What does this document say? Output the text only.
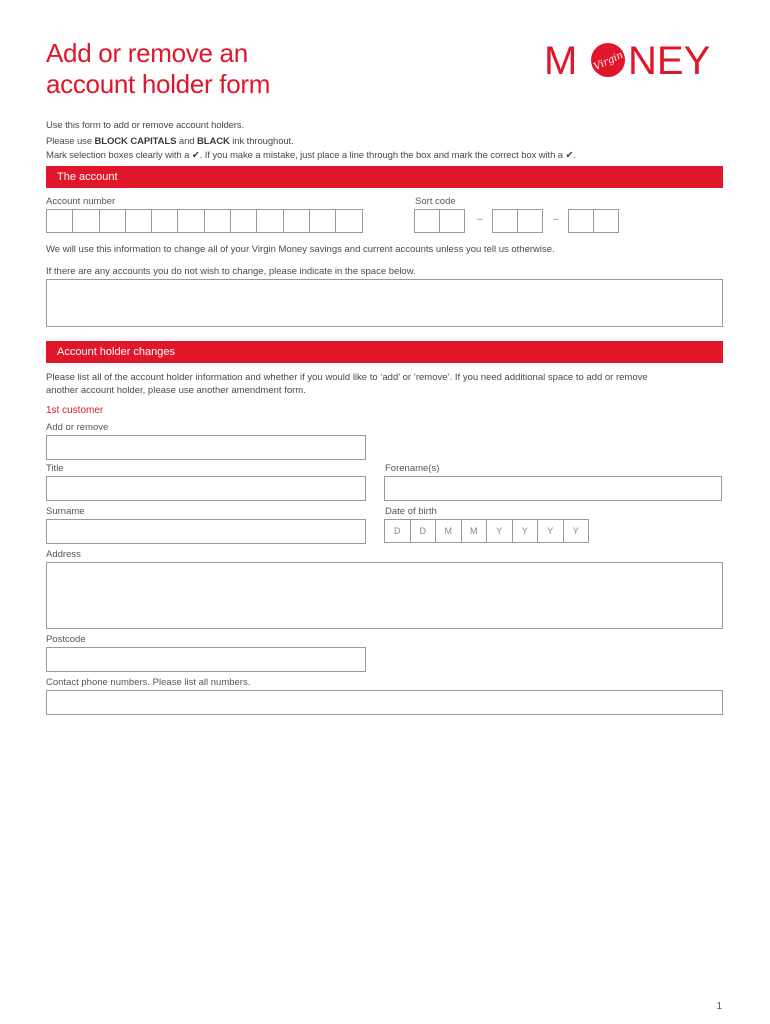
Add or remove an
account holder form
M Virgin NEY
Use this form to add or remove account holders.
Please use BLOCK CAPITALS and BLACK ink throughout.
Mark selection boxes clearly with a ✔. If you make a mistake, just place a line through the box and mark the correct box with a ✔.
The account
Account number	Sort code
–	–
We will use this information to change all of your Virgin Money savings and current accounts unless you tell us otherwise.
If there are any accounts you do not wish to change, please indicate in the space below.
Account holder changes
Please list all of the account holder information and whether if you would like to ‘add’ or ‘remove’. If you need additional space to add or remove
another account holder, please use another amendment form.
1st customer
Add or remove
Title	Forename(s)
Surname	Date of birth
D	D	M	M	Y	Y	Y	Y
Address
Postcode
Contact phone numbers. Please list all numbers.
1
